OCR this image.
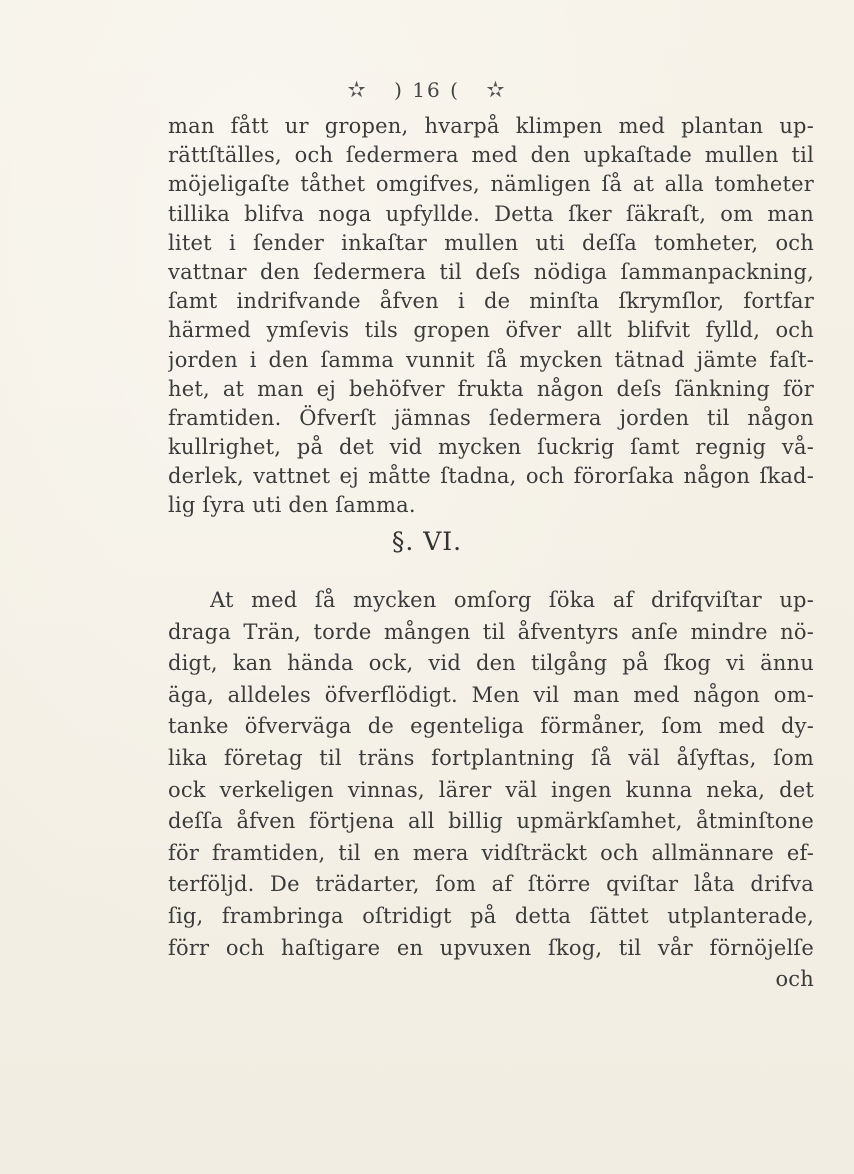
✫ ) 16 ( ✫
man fått ur gropen, hvarpå klimpen med plantan up-
rättſtälles, och ſedermera med den upkaſtade mullen til
möjeligaſte tåthet omgifves, nämligen ſå at alla tomheter
tillika blifva noga upfyllde. Detta ſker ſäkraſt, om man
litet i ſender inkaſtar mullen uti deſſa tomheter, och
vattnar den ſedermera til deſs nödiga ſammanpackning,
ſamt indrifvande åfven i de minſta ſkrymſlor, fortfar
härmed ymſevis tils gropen öfver allt blifvit fylld, och
jorden i den ſamma vunnit ſå mycken tätnad jämte faſt-
het, at man ej behöfver frukta någon deſs ſänkning för
framtiden. Öfverſt jämnas ſedermera jorden til någon
kullrighet, på det vid mycken ſuckrig ſamt regnig vå-
derlek, vattnet ej måtte ſtadna, och förorſaka någon ſkad-
lig ſyra uti den ſamma.
§. VI.
At med ſå mycken omſorg ſöka af drifqviſtar up-
draga Trän, torde mången til åfventyrs anſe mindre nö-
digt, kan hända ock, vid den tilgång på ſkog vi ännu
äga, alldeles öfverflödigt. Men vil man med någon om-
tanke öfverväga de egenteliga förmåner, ſom med dy-
lika företag til träns fortplantning ſå väl åſyftas, ſom
ock verkeligen vinnas, lärer väl ingen kunna neka, det
deſſa åfven förtjena all billig upmärkſamhet, åtminſtone
för framtiden, til en mera vidſträckt och allmännare ef-
terföljd. De trädarter, ſom af ſtörre qviſtar låta drifva
ſig, frambringa oſtridigt på detta ſättet utplanterade,
förr och haſtigare en upvuxen ſkog, til vår förnöjelſe
och
